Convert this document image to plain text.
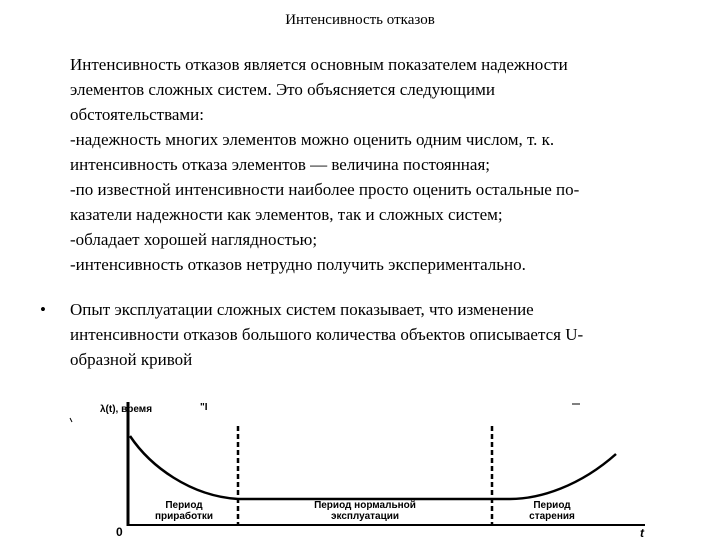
Интенсивность отказов

Интенсивность отказов является основным показателем надежности

элементов сложных систем. Это объясняется следующими

обстоятельствами:

-надежность многих элементов можно оценить одним числом, т. к.

интенсивность отказа элементов — величина постоянная;

-по известной интенсивности наиболее просто оценить остальные по-

казатели надежности как элементов, так и сложных систем;

-обладает хорошей наглядностью;

-интенсивность отказов нетрудно получить экспериментально.

•	Опыт эксплуатации сложных систем показывает, что изменение

интенсивности отказов большого количества объектов описывается U-

образной кривой

λ(t), время	"I
0	t
Период
приработки
Период нормальной
эксплуатации
Период
старения
